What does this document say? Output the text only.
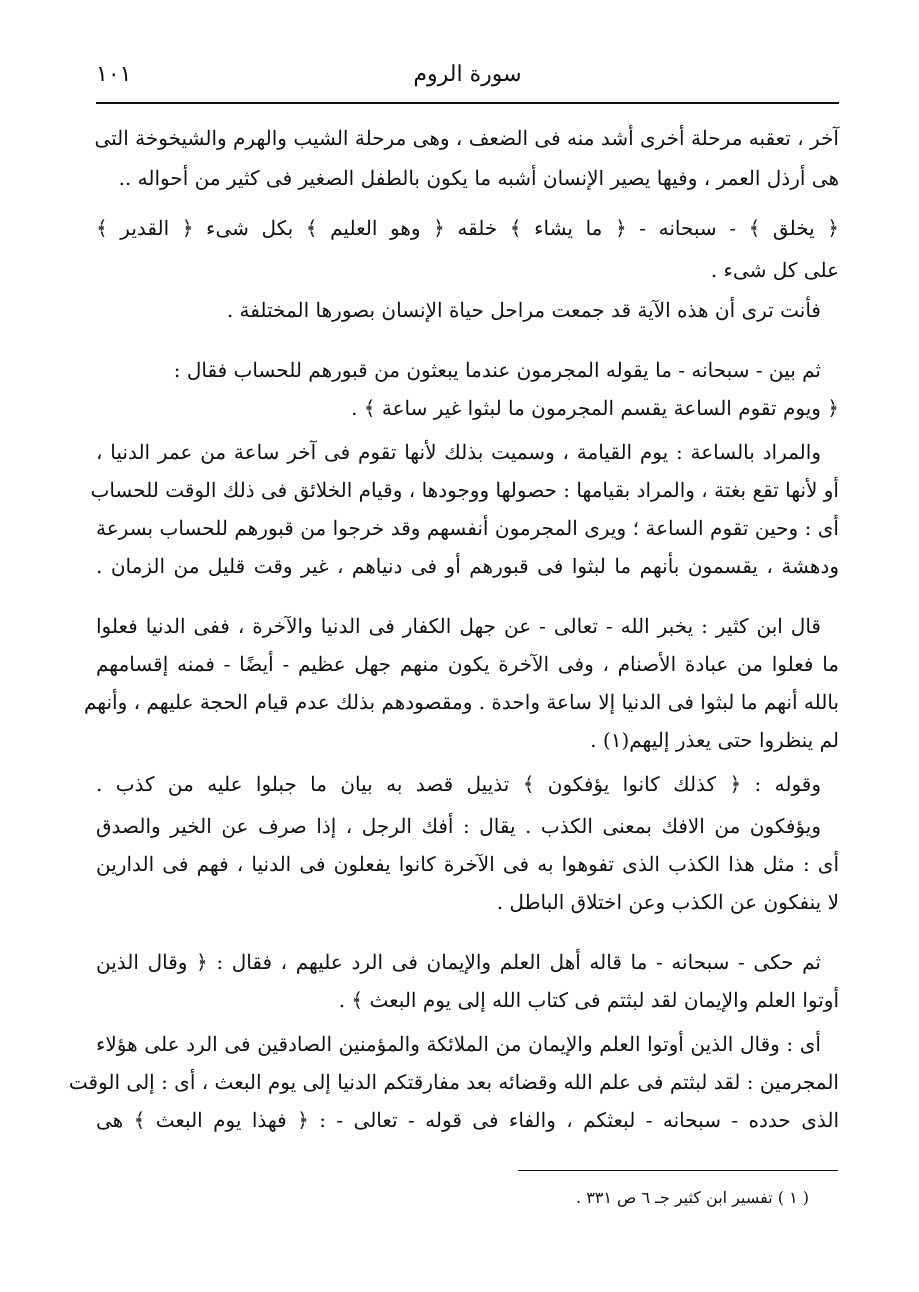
سورة الروم
١٠١
آخر ، تعقبه مرحلة أخرى أشد منه فى الضعف ، وهى مرحلة الشيب والهرم والشيخوخة التى
هى أرذل العمر ، وفيها يصير الإنسان أشبه ما يكون بالطفل الصغير فى كثير من أحواله ..
﴿ يخلق ﴾ - سبحانه - ﴿ ما يشاء ﴾ خلقه ﴿ وهو العليم ﴾ بكل شىء ﴿ القدير ﴾
على كل شىء .
فأنت ترى أن هذه الآية قد جمعت مراحل حياة الإنسان بصورها المختلفة .
ثم بين - سبحانه - ما يقوله المجرمون عندما يبعثون من قبورهم للحساب فقال :
﴿ ويوم تقوم الساعة يقسم المجرمون ما لبثوا غير ساعة ﴾ .
والمراد بالساعة : يوم القيامة ، وسميت بذلك لأنها تقوم فى آخر ساعة من عمر الدنيا ،
أو لأنها تقع بغتة ، والمراد بقيامها : حصولها ووجودها ، وقيام الخلائق فى ذلك الوقت للحساب
أى : وحين تقوم الساعة ؛ ويرى المجرمون أنفسهم وقد خرجوا من قبورهم للحساب بسرعة
ودهشة ، يقسمون بأنهم ما لبثوا فى قبورهم أو فى دنياهم ، غير وقت قليل من الزمان .
قال ابن كثير : يخبر الله - تعالى - عن جهل الكفار فى الدنيا والآخرة ، ففى الدنيا فعلوا
ما فعلوا من عبادة الأصنام ، وفى الآخرة يكون منهم جهل عظيم - أيضًا - فمنه إقسامهم
بالله أنهم ما لبثوا فى الدنيا إلا ساعة واحدة . ومقصودهم بذلك عدم قيام الحجة عليهم ، وأنهم
لم ينظروا حتى يعذر إليهم(١) .
وقوله : ﴿ كذلك كانوا يؤفكون ﴾ تذييل قصد به بيان ما جبلوا عليه من كذب .
ويؤفكون من الافك بمعنى الكذب . يقال : أفك الرجل ، إذا صرف عن الخير والصدق
أى : مثل هذا الكذب الذى تفوهوا به فى الآخرة كانوا يفعلون فى الدنيا ، فهم فى الدارين
لا ينفكون عن الكذب وعن اختلاق الباطل .
ثم حكى - سبحانه - ما قاله أهل العلم والإيمان فى الرد عليهم ، فقال : ﴿ وقال الذين
أوتوا العلم والإيمان لقد لبثتم فى كتاب الله إلى يوم البعث ﴾ .
أى : وقال الذين أوتوا العلم والإيمان من الملائكة والمؤمنين الصادقين فى الرد على هؤلاء
المجرمين : لقد لبثتم فى علم الله وقضائه بعد مفارقتكم الدنيا إلى يوم البعث ، أى : إلى الوقت
الذى حدده - سبحانه - لبعثكم ، والفاء فى قوله - تعالى - : ﴿ فهذا يوم البعث ﴾ هى
( ١ ) تفسير ابن كثير جـ ٦ ص ٣٣١ .
